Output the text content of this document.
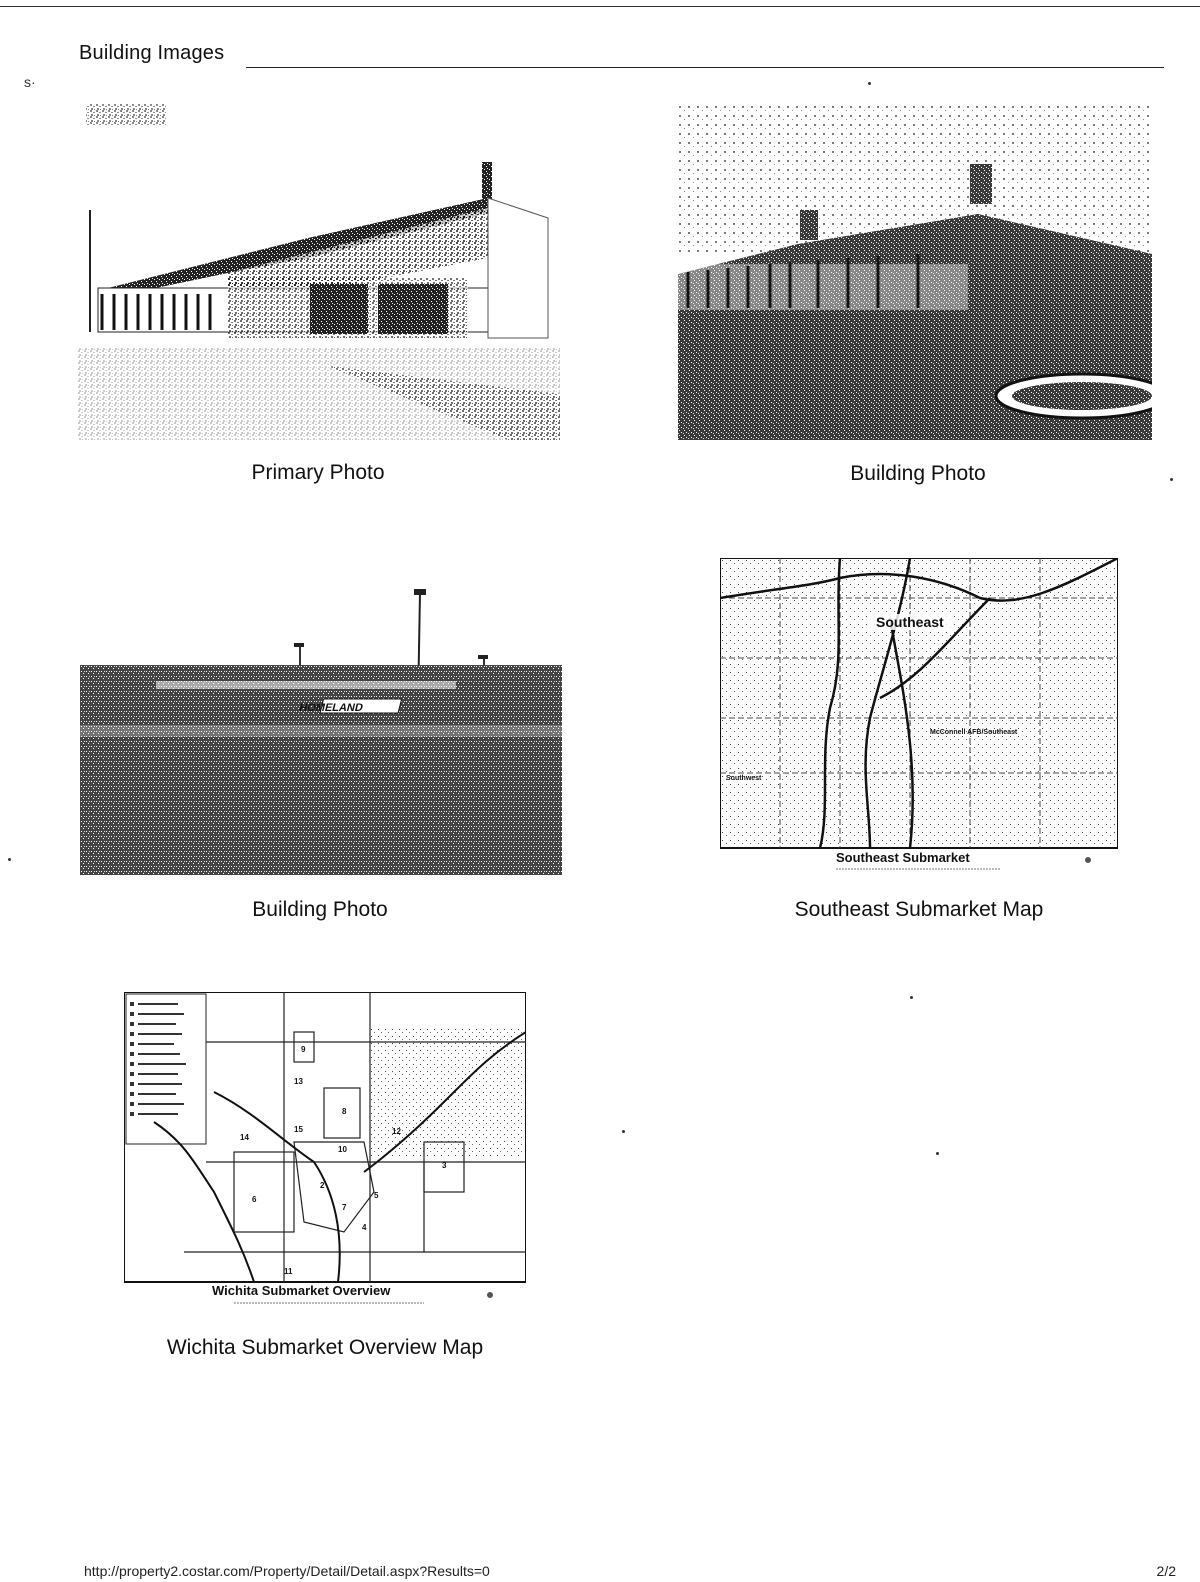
s·
Building Images
Primary Photo	Building Photo
HOMELAND
Southeast
McConnell AFB/Southeast
Southwest
Southeast Submarket
Building Photo	Southeast Submarket Map
9
13
8
14
15
10
12
3
6
7
4
11
2
5
Wichita Submarket Overview
Wichita Submarket Overview Map
http://property2.costar.com/Property/Detail/Detail.aspx?Results=0	2/2
